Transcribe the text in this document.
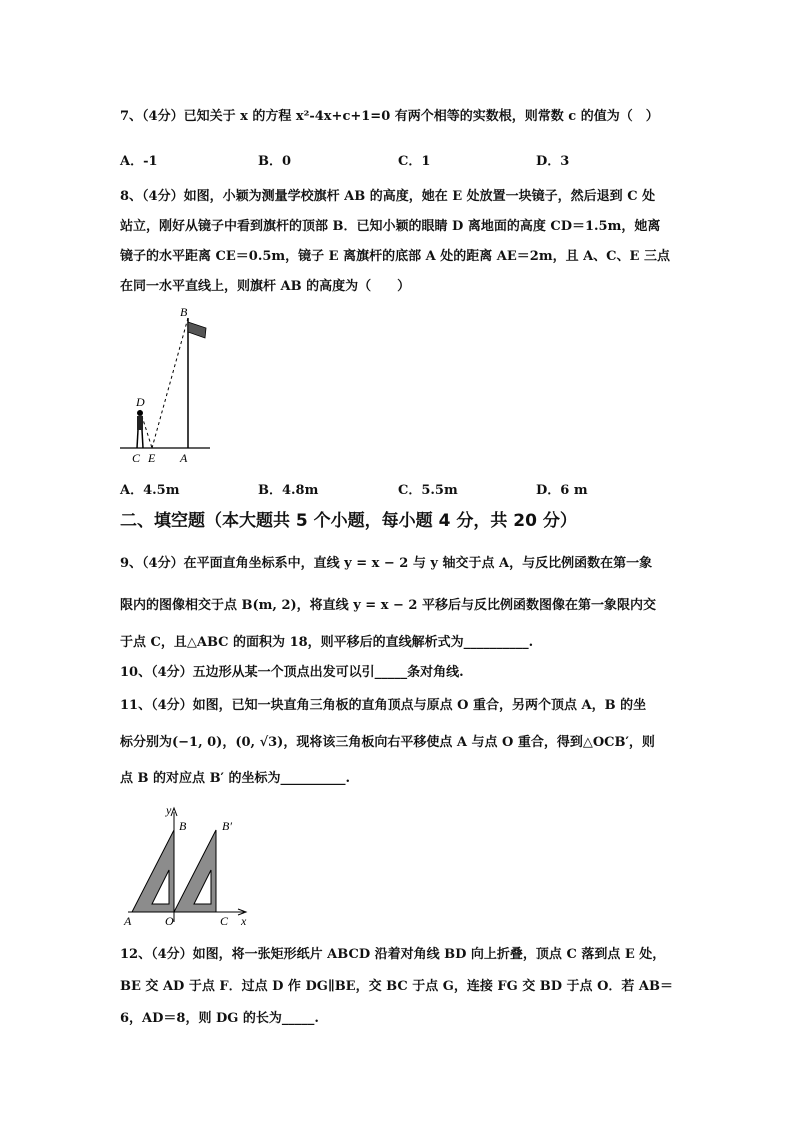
7、（4分）已知关于 x 的方程 x²-4x+c+1=0 有两个相等的实数根，则常数 c 的值为（　）
A．-1	B．0	C．1	D．3
8、（4分）如图，小颖为测量学校旗杆 AB 的高度，她在 E 处放置一块镜子，然后退到 C 处
站立，刚好从镜子中看到旗杆的顶部 B．已知小颖的眼睛 D 离地面的高度 CD＝1.5m，她离
镜子的水平距离 CE＝0.5m，镜子 E 离旗杆的底部 A 处的距离 AE＝2m，且 A、C、E 三点
在同一水平直线上，则旗杆 AB 的高度为（　　）
B
D
C E A
A．4.5m	B．4.8m	C．5.5m	D．6 m
二、填空题（本大题共 5 个小题，每小题 4 分，共 20 分）
9、（4分）在平面直角坐标系中，直线 y = x − 2 与 y 轴交于点 A，与反比例函数在第一象
限内的图像相交于点 B(m, 2)，将直线 y = x − 2 平移后与反比例函数图像在第一象限内交
于点 C，且△ABC 的面积为 18，则平移后的直线解析式为__________.
10、（4分）五边形从某一个顶点出发可以引_____条对角线.
11、（4分）如图，已知一块直角三角板的直角顶点与原点 O 重合，另两个顶点 A，B 的坐
标分别为(−1, 0)，(0, √3)，现将该三角板向右平移使点 A 与点 O 重合，得到△OCB′，则
点 B 的对应点 B′ 的坐标为__________.
y
B	B′
A	O	C x
12、（4分）如图，将一张矩形纸片 ABCD 沿着对角线 BD 向上折叠，顶点 C 落到点 E 处，
BE 交 AD 于点 F．过点 D 作 DG∥BE，交 BC 于点 G，连接 FG 交 BD 于点 O．若 AB＝
6，AD＝8，则 DG 的长为_____.
